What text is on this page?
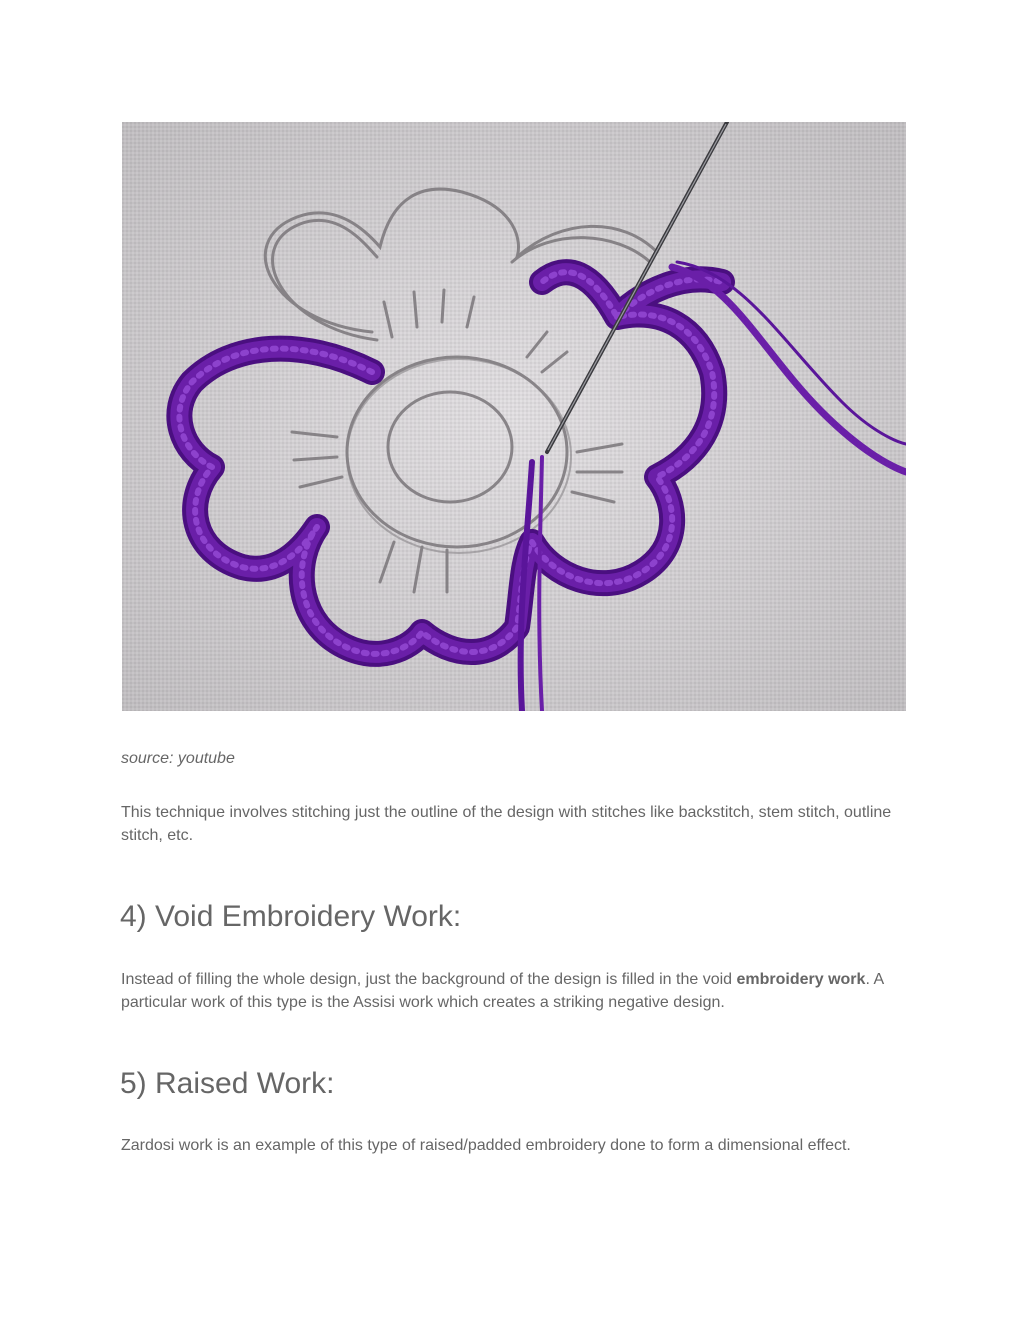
source: youtube

This technique involves stitching just the outline of the design with stitches like backstitch, stem stitch, outline stitch, etc.

4) Void Embroidery Work:

Instead of filling the whole design, just the background of the design is filled in the void embroidery work. A particular work of this type is the Assisi work which creates a striking negative design.

5) Raised Work:

Zardosi work is an example of this type of raised/padded embroidery done to form a dimensional effect.
